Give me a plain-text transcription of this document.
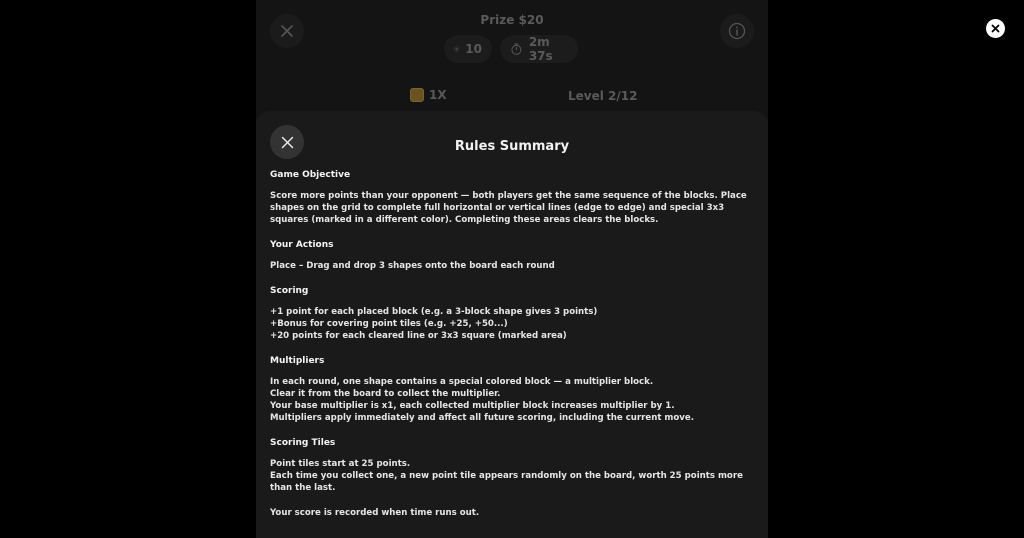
Prize $20
10	2m 37s
1X	Level 2/12
Rules Summary
Game Objective
Score more points than your opponent — both players get the same sequence of the blocks. Place shapes on the grid to complete full horizontal or vertical lines (edge to edge) and special 3x3 squares (marked in a different color). Completing these areas clears the blocks.
Your Actions
Place – Drag and drop 3 shapes onto the board each round
Scoring
+1 point for each placed block (e.g. a 3-block shape gives 3 points)
+Bonus for covering point tiles (e.g. +25, +50...)
+20 points for each cleared line or 3x3 square (marked area)
Multipliers
In each round, one shape contains a special colored block — a multiplier block.
Clear it from the board to collect the multiplier.
Your base multiplier is x1, each collected multiplier block increases multiplier by 1.
Multipliers apply immediately and affect all future scoring, including the current move.
Scoring Tiles
Point tiles start at 25 points.
Each time you collect one, a new point tile appears randomly on the board, worth 25 points more than the last.
Your score is recorded when time runs out.
